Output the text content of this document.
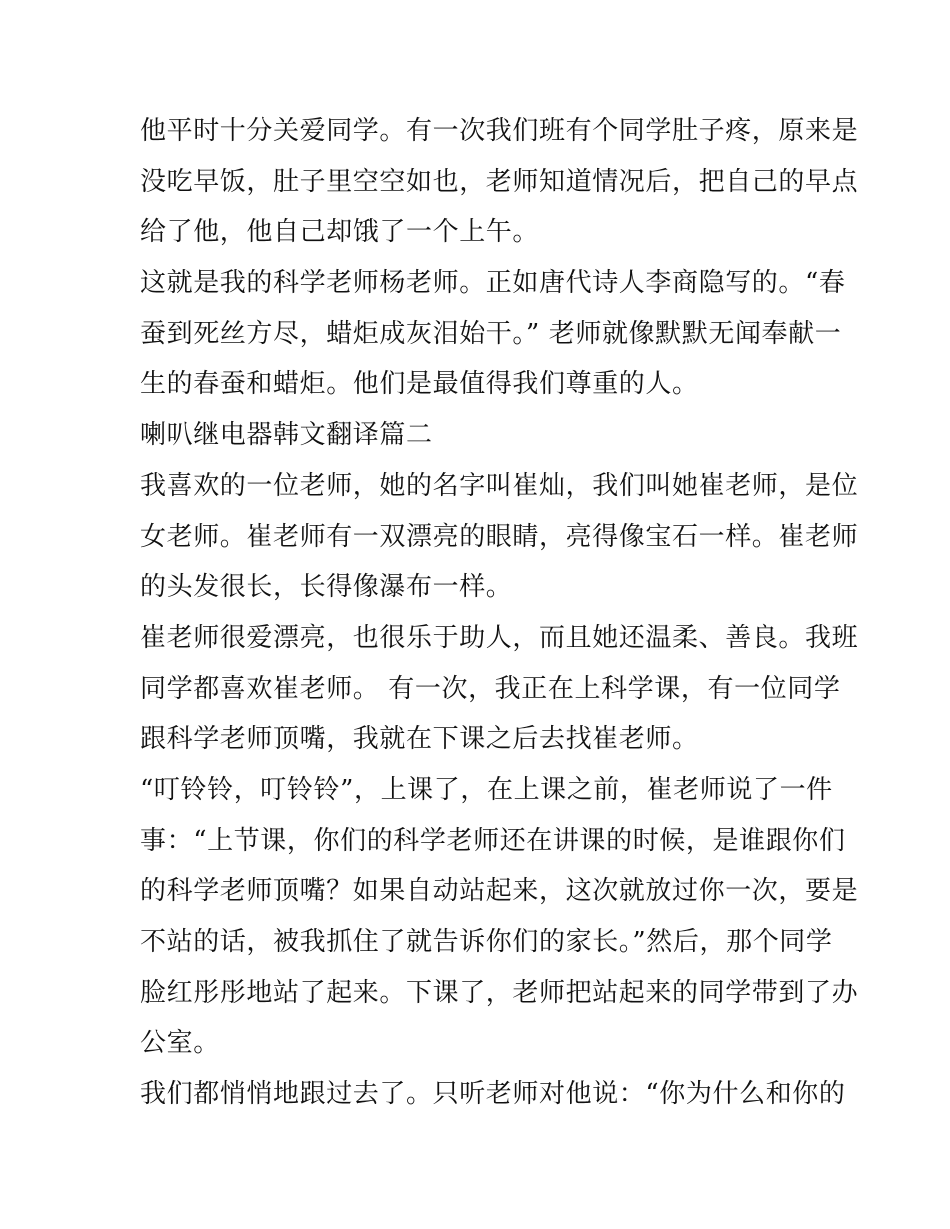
他平时十分关爱同学。有一次我们班有个同学肚子疼，原来是
没吃早饭，肚子里空空如也，老师知道情况后，把自己的早点
给了他，他自己却饿了一个上午。
这就是我的科学老师杨老师。正如唐代诗人李商隐写的。“春
蚕到死丝方尽，蜡炬成灰泪始干。” 老师就像默默无闻奉献一
生的春蚕和蜡炬。他们是最值得我们尊重的人。
喇叭继电器韩文翻译篇二
我喜欢的一位老师，她的名字叫崔灿，我们叫她崔老师，是位
女老师。崔老师有一双漂亮的眼睛，亮得像宝石一样。崔老师
的头发很长，长得像瀑布一样。
崔老师很爱漂亮，也很乐于助人，而且她还温柔、善良。我班
同学都喜欢崔老师。 有一次，我正在上科学课，有一位同学
跟科学老师顶嘴，我就在下课之后去找崔老师。
“叮铃铃，叮铃铃”，上课了，在上课之前，崔老师说了一件
事：“上节课，你们的科学老师还在讲课的时候，是谁跟你们
的科学老师顶嘴？如果自动站起来，这次就放过你一次，要是
不站的话，被我抓住了就告诉你们的家长。”然后，那个同学
脸红彤彤地站了起来。下课了，老师把站起来的同学带到了办
公室。
我们都悄悄地跟过去了。只听老师对他说：“你为什么和你的
